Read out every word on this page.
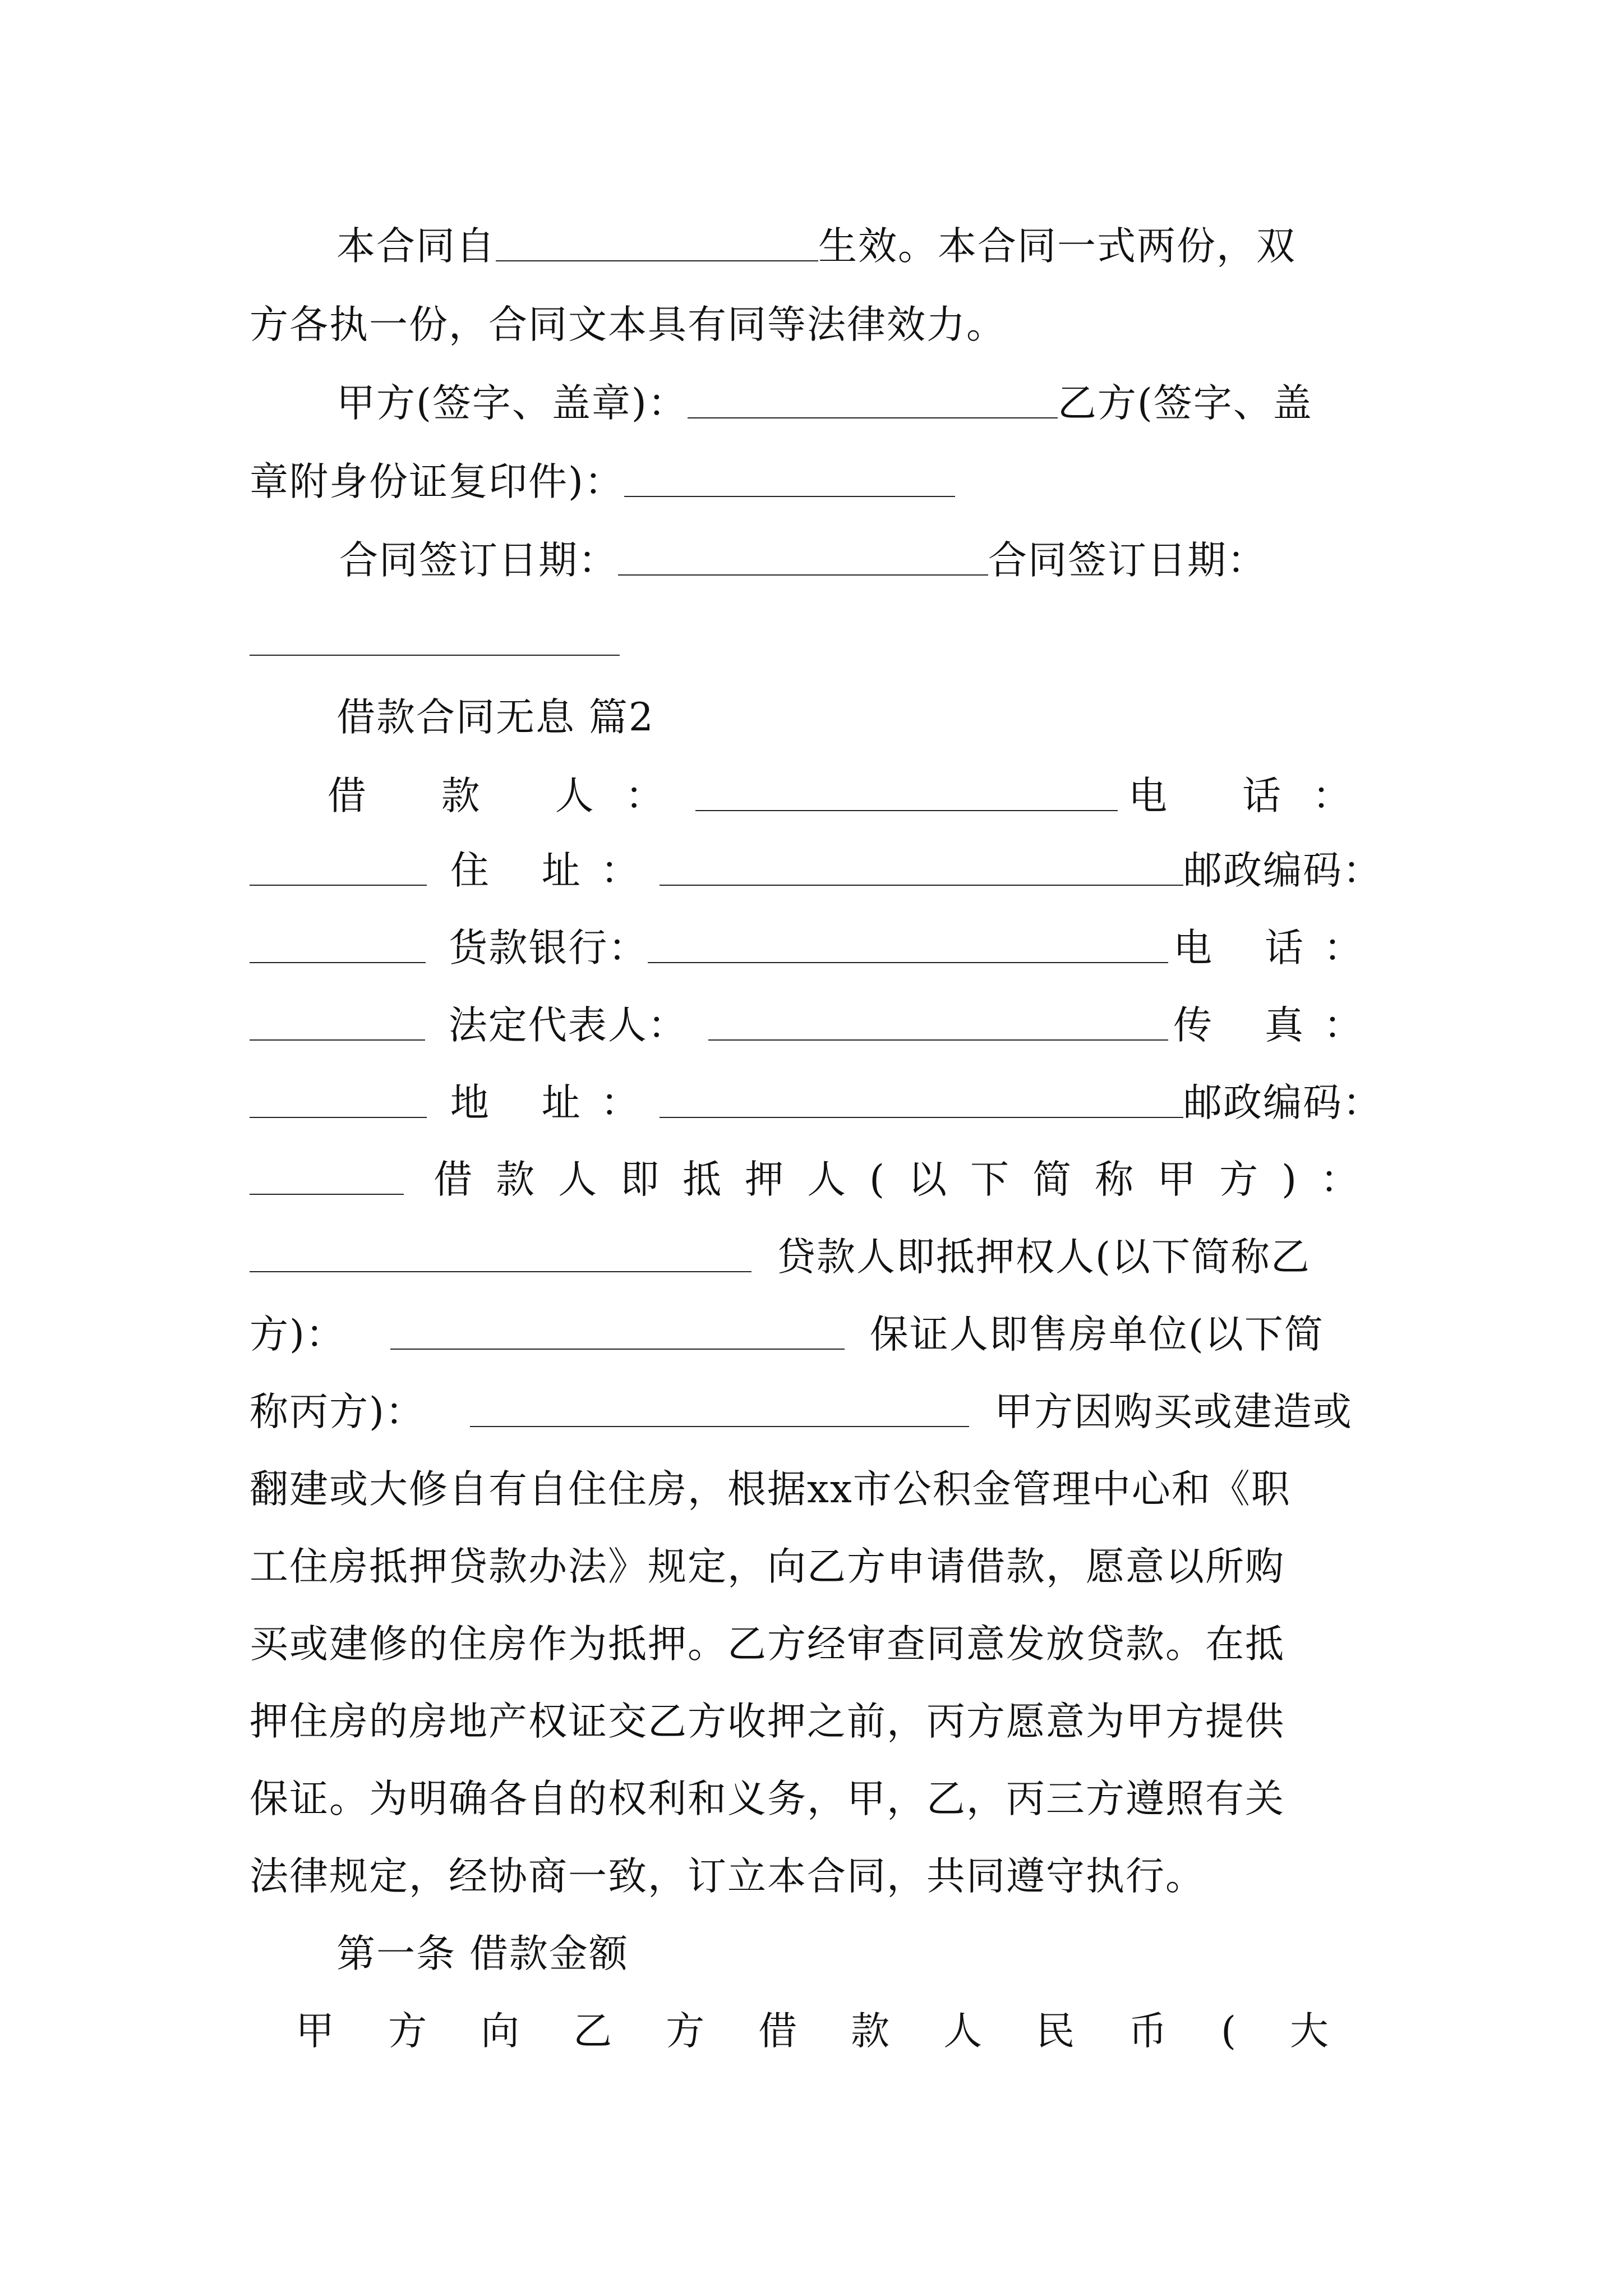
本合同自	生效。本合同一式两份，双
方各执一份，合同文本具有同等法律效力。
甲方(签字、盖章)：	乙方(签字、盖
章附身份证复印件)：
合同签订日期：	合同签订日期：
借款合同无息 篇2
借 款 人：	电 话：
住 址：	邮政编码：
货款银行：	电 话：
法定代表人：	传 真：
地 址：	邮政编码：
借款人即抵押人(以下简称甲方)：
贷款人即抵押权人(以下简称乙
方)：	保证人即售房单位(以下简
称丙方)：	甲方因购买或建造或
翻建或大修自有自住住房，根据xx市公积金管理中心和《职
工住房抵押贷款办法》规定，向乙方申请借款，愿意以所购
买或建修的住房作为抵押。乙方经审查同意发放贷款。在抵
押住房的房地产权证交乙方收押之前，丙方愿意为甲方提供
保证。为明确各自的权利和义务，甲，乙，丙三方遵照有关
法律规定，经协商一致，订立本合同，共同遵守执行。
第一条 借款金额
甲方向乙方借款人民币(大
